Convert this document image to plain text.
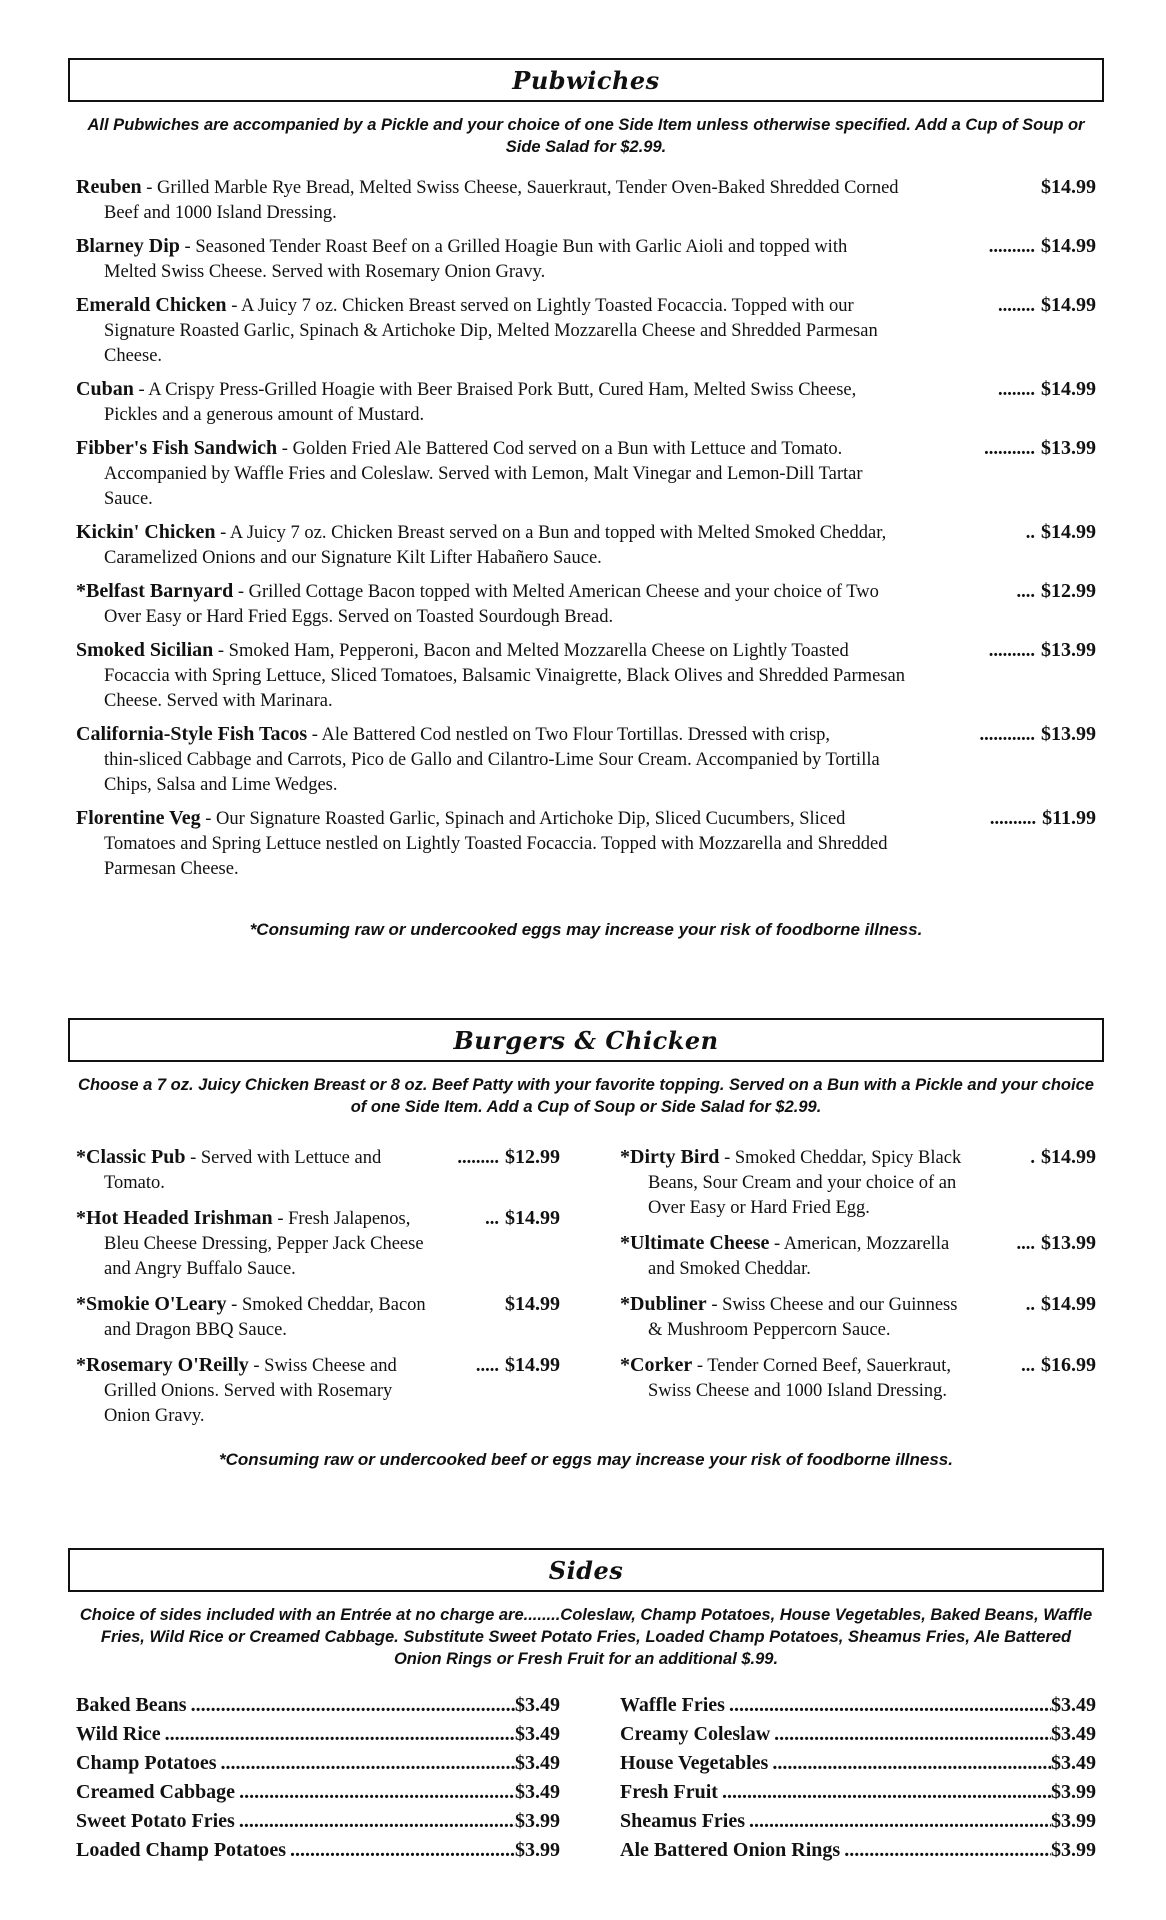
Pubwiches
All Pubwiches are accompanied by a Pickle and your choice of one Side Item unless otherwise specified. Add a Cup of Soup or Side Salad for $2.99.
Reuben - Grilled Marble Rye Bread, Melted Swiss Cheese, Sauerkraut, Tender Oven-Baked Shredded Corned	$14.99
Beef and 1000 Island Dressing.
Blarney Dip - Seasoned Tender Roast Beef on a Grilled Hoagie Bun with Garlic Aioli and topped with	.......... $14.99
Melted Swiss Cheese. Served with Rosemary Onion Gravy.
Emerald Chicken - A Juicy 7 oz. Chicken Breast served on Lightly Toasted Focaccia. Topped with our	........ $14.99
Signature Roasted Garlic, Spinach & Artichoke Dip, Melted Mozzarella Cheese and Shredded Parmesan
Cheese.
Cuban - A Crispy Press-Grilled Hoagie with Beer Braised Pork Butt, Cured Ham, Melted Swiss Cheese,	........ $14.99
Pickles and a generous amount of Mustard.
Fibber's Fish Sandwich - Golden Fried Ale Battered Cod served on a Bun with Lettuce and Tomato.	........... $13.99
Accompanied by Waffle Fries and Coleslaw. Served with Lemon, Malt Vinegar and Lemon-Dill Tartar
Sauce.
Kickin' Chicken - A Juicy 7 oz. Chicken Breast served on a Bun and topped with Melted Smoked Cheddar,	.. $14.99
Caramelized Onions and our Signature Kilt Lifter Habañero Sauce.
*Belfast Barnyard - Grilled Cottage Bacon topped with Melted American Cheese and your choice of Two	.... $12.99
Over Easy or Hard Fried Eggs. Served on Toasted Sourdough Bread.
Smoked Sicilian - Smoked Ham, Pepperoni, Bacon and Melted Mozzarella Cheese on Lightly Toasted	.......... $13.99
Focaccia with Spring Lettuce, Sliced Tomatoes, Balsamic Vinaigrette, Black Olives and Shredded Parmesan
Cheese. Served with Marinara.
California-Style Fish Tacos - Ale Battered Cod nestled on Two Flour Tortillas. Dressed with crisp,	............ $13.99
thin-sliced Cabbage and Carrots, Pico de Gallo and Cilantro-Lime Sour Cream. Accompanied by Tortilla
Chips, Salsa and Lime Wedges.
Florentine Veg - Our Signature Roasted Garlic, Spinach and Artichoke Dip, Sliced Cucumbers, Sliced	.......... $11.99
Tomatoes and Spring Lettuce nestled on Lightly Toasted Focaccia. Topped with Mozzarella and Shredded
Parmesan Cheese.
*Consuming raw or undercooked eggs may increase your risk of foodborne illness.
Burgers & Chicken
Choose a 7 oz. Juicy Chicken Breast or 8 oz. Beef Patty with your favorite topping. Served on a Bun with a Pickle and your choice of one Side Item. Add a Cup of Soup or Side Salad for $2.99.
*Classic Pub - Served with Lettuce and	......... $12.99
Tomato.
*Hot Headed Irishman - Fresh Jalapenos,	... $14.99
Bleu Cheese Dressing, Pepper Jack Cheese
and Angry Buffalo Sauce.
*Smokie O'Leary - Smoked Cheddar, Bacon	$14.99
and Dragon BBQ Sauce.
*Rosemary O'Reilly - Swiss Cheese and	..... $14.99
Grilled Onions. Served with Rosemary
Onion Gravy.
*Dirty Bird - Smoked Cheddar, Spicy Black	. $14.99
Beans, Sour Cream and your choice of an
Over Easy or Hard Fried Egg.
*Ultimate Cheese - American, Mozzarella	.... $13.99
and Smoked Cheddar.
*Dubliner - Swiss Cheese and our Guinness	.. $14.99
& Mushroom Peppercorn Sauce.
*Corker - Tender Corned Beef, Sauerkraut,	... $16.99
Swiss Cheese and 1000 Island Dressing.
*Consuming raw or undercooked beef or eggs may increase your risk of foodborne illness.
Sides
Choice of sides included with an Entrée at no charge are........Coleslaw, Champ Potatoes, House Vegetables, Baked Beans, Waffle Fries, Wild Rice or Creamed Cabbage. Substitute Sweet Potato Fries, Loaded Champ Potatoes, Sheamus Fries, Ale Battered Onion Rings or Fresh Fruit for an additional $.99.
Baked Beans .....	$3.49
Wild Rice .....	$3.49
Champ Potatoes .....	$3.49
Creamed Cabbage .....	$3.49
Sweet Potato Fries .....	$3.99
Loaded Champ Potatoes .....	$3.99
Waffle Fries .....	$3.49
Creamy Coleslaw .....	$3.49
House Vegetables .....	$3.49
Fresh Fruit .....	$3.99
Sheamus Fries .....	$3.99
Ale Battered Onion Rings .....	$3.99
